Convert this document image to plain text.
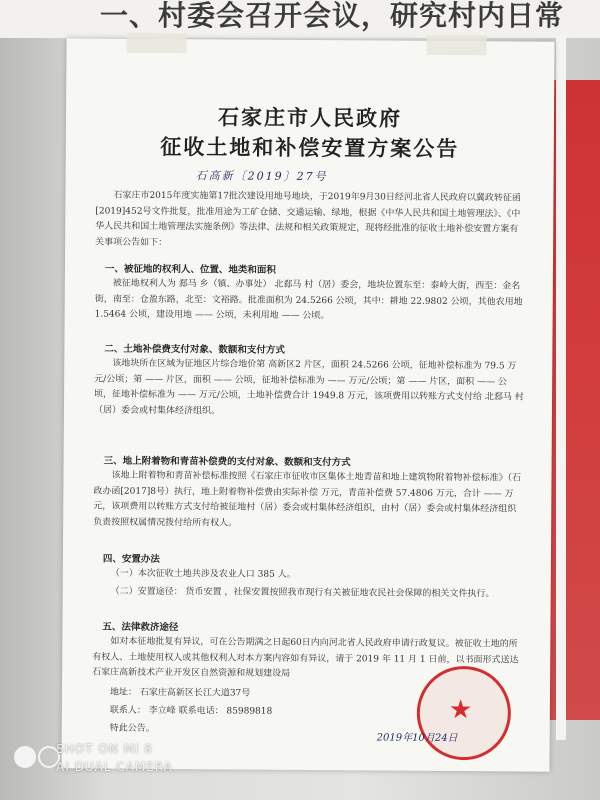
一、村委会召开会议，研究村内日常
石家庄市人民政府
征收土地和补偿安置方案公告
石高新〔2019〕27号
石家庄市2015年度实施第17批次建设用地号地块，于2019年9月30日经河北省人民政府以冀政转征函[2019]452号文件批复，批准用途为工矿仓储、交通运输、绿地，根据《中华人民共和国土地管理法》、《中华人民共和国土地管理法实施条例》等法律、法规和相关政策规定，现将经批准的征收土地补偿安置方案有关事项公告如下：
一、被征地的权利人、位置、地类和面积
被征地权利人为 郄马 乡（镇、办事处） 北郄马 村（居）委会，地块位置东至：泰岭大街，西至：金名街，南至：仓盈东路，北至：文裕路。批准面积为 24.5266 公顷，其中：耕地 22.9802 公顷，其他农用地 1.5464 公顷，建设用地 —— 公顷，未利用地 —— 公顷。
二、土地补偿费支付对象、数额和支付方式
该地块所在区域为征地区片综合地价第 高新区2 片区，面积 24.5266 公顷，征地补偿标准为 79.5 万元/公顷；第 —— 片区，面积 —— 公顷，征地补偿标准为 —— 万元/公顷；第 —— 片区，面积 —— 公顷，征地补偿标准为 —— 万元/公顷，土地补偿费合计 1949.8 万元，该项费用以转账方式支付给 北郄马 村（居）委会或村集体经济组织。
三、地上附着物和青苗补偿费的支付对象、数额和支付方式
该地上附着物和青苗补偿标准按照《石家庄市征收市区集体土地青苗和地上建筑物附着物补偿标准》（石政办函[2017]8号）执行，地上附着物补偿费由实际补偿 万元，青苗补偿费 57.4806 万元，合计 —— 万元，该项费用以转账方式支付给被征地村（居）委会或村集体经济组织，由村（居）委会或村集体经济组织负责按照权属情况拨付给所有权人。
四、安置办法
（一）本次征收土地共涉及农业人口 385 人。
（二）安置途径： 货币安置 ，社保安置按照我市现行有关被征地农民社会保障的相关文件执行。
五、法律救济途径
如对本征地批复有异议，可在公告期满之日起60日内向河北省人民政府申请行政复议。被征收土地的所有权人、土地使用权人或其他权利人对本方案内容如有异议，请于 2019 年 11 月 1 日前，以书面形式送达 石家庄高新技术产业开发区自然资源和规划建设局
地址： 石家庄高新区长江大道37号
联系人： 李立峰 联系电话： 85989818
特此公告。
★
2019年10月24日
SHOT ON MI 8
AI DUAL CAMERA
